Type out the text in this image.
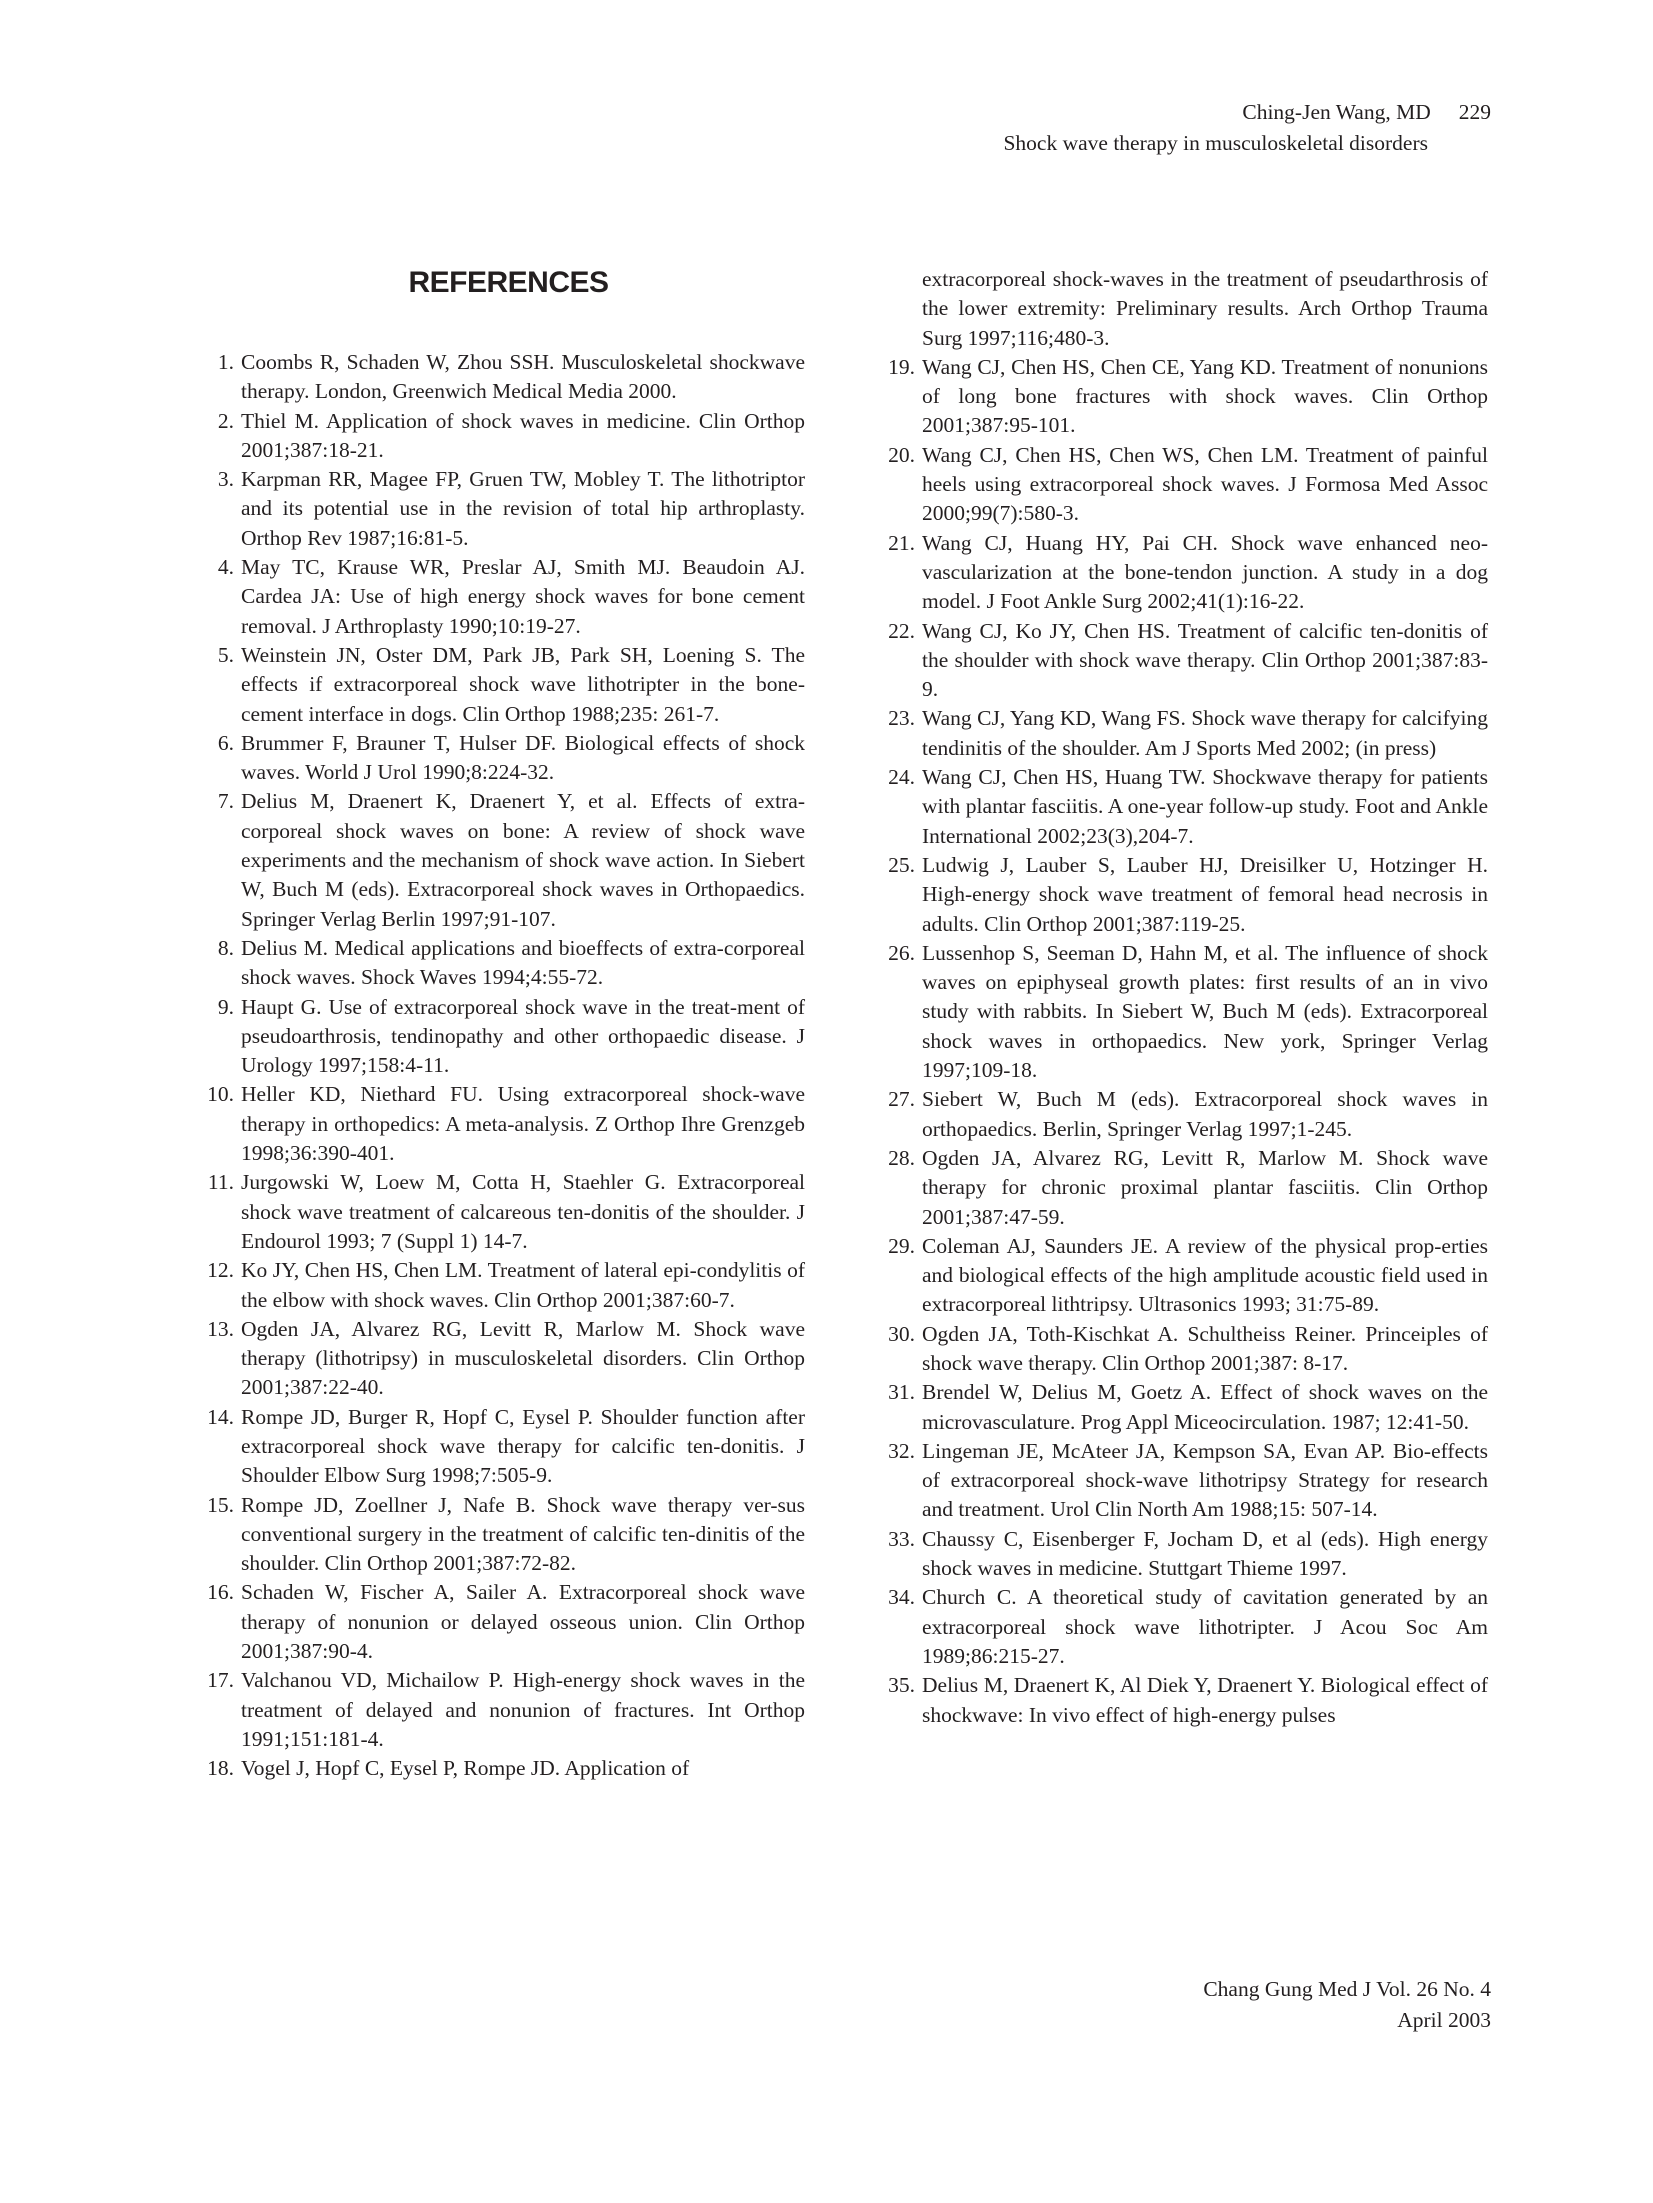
Ching-Jen Wang, MD 229
Shock wave therapy in musculoskeletal disorders
REFERENCES
1. Coombs R, Schaden W, Zhou SSH. Musculoskeletal shockwave therapy. London, Greenwich Medical Media 2000.
2. Thiel M. Application of shock waves in medicine. Clin Orthop 2001;387:18-21.
3. Karpman RR, Magee FP, Gruen TW, Mobley T. The lithotriptor and its potential use in the revision of total hip arthroplasty. Orthop Rev 1987;16:81-5.
4. May TC, Krause WR, Preslar AJ, Smith MJ. Beaudoin AJ. Cardea JA: Use of high energy shock waves for bone cement removal. J Arthroplasty 1990;10:19-27.
5. Weinstein JN, Oster DM, Park JB, Park SH, Loening S. The effects if extracorporeal shock wave lithotripter in the bone-cement interface in dogs. Clin Orthop 1988;235: 261-7.
6. Brummer F, Brauner T, Hulser DF. Biological effects of shock waves. World J Urol 1990;8:224-32.
7. Delius M, Draenert K, Draenert Y, et al. Effects of extra-corporeal shock waves on bone: A review of shock wave experiments and the mechanism of shock wave action. In Siebert W, Buch M (eds). Extracorporeal shock waves in Orthopaedics. Springer Verlag Berlin 1997;91-107.
8. Delius M. Medical applications and bioeffects of extra-corporeal shock waves. Shock Waves 1994;4:55-72.
9. Haupt G. Use of extracorporeal shock wave in the treat-ment of pseudoarthrosis, tendinopathy and other orthopaedic disease. J Urology 1997;158:4-11.
10. Heller KD, Niethard FU. Using extracorporeal shock-wave therapy in orthopedics: A meta-analysis. Z Orthop Ihre Grenzgeb 1998;36:390-401.
11. Jurgowski W, Loew M, Cotta H, Staehler G. Extracorporeal shock wave treatment of calcareous ten-donitis of the shoulder. J Endourol 1993; 7 (Suppl 1) 14-7.
12. Ko JY, Chen HS, Chen LM. Treatment of lateral epi-condylitis of the elbow with shock waves. Clin Orthop 2001;387:60-7.
13. Ogden JA, Alvarez RG, Levitt R, Marlow M. Shock wave therapy (lithotripsy) in musculoskeletal disorders. Clin Orthop 2001;387:22-40.
14. Rompe JD, Burger R, Hopf C, Eysel P. Shoulder function after extracorporeal shock wave therapy for calcific ten-donitis. J Shoulder Elbow Surg 1998;7:505-9.
15. Rompe JD, Zoellner J, Nafe B. Shock wave therapy ver-sus conventional surgery in the treatment of calcific ten-dinitis of the shoulder. Clin Orthop 2001;387:72-82.
16. Schaden W, Fischer A, Sailer A. Extracorporeal shock wave therapy of nonunion or delayed osseous union. Clin Orthop 2001;387:90-4.
17. Valchanou VD, Michailow P. High-energy shock waves in the treatment of delayed and nonunion of fractures. Int Orthop 1991;151:181-4.
18. Vogel J, Hopf C, Eysel P, Rompe JD. Application of
extracorporeal shock-waves in the treatment of pseudarthrosis of the lower extremity: Preliminary results. Arch Orthop Trauma Surg 1997;116;480-3.
19. Wang CJ, Chen HS, Chen CE, Yang KD. Treatment of nonunions of long bone fractures with shock waves. Clin Orthop 2001;387:95-101.
20. Wang CJ, Chen HS, Chen WS, Chen LM. Treatment of painful heels using extracorporeal shock waves. J Formosa Med Assoc 2000;99(7):580-3.
21. Wang CJ, Huang HY, Pai CH. Shock wave enhanced neo-vascularization at the bone-tendon junction. A study in a dog model. J Foot Ankle Surg 2002;41(1):16-22.
22. Wang CJ, Ko JY, Chen HS. Treatment of calcific ten-donitis of the shoulder with shock wave therapy. Clin Orthop 2001;387:83-9.
23. Wang CJ, Yang KD, Wang FS. Shock wave therapy for calcifying tendinitis of the shoulder. Am J Sports Med 2002; (in press)
24. Wang CJ, Chen HS, Huang TW. Shockwave therapy for patients with plantar fasciitis. A one-year follow-up study. Foot and Ankle International 2002;23(3),204-7.
25. Ludwig J, Lauber S, Lauber HJ, Dreisilker U, Hotzinger H. High-energy shock wave treatment of femoral head necrosis in adults. Clin Orthop 2001;387:119-25.
26. Lussenhop S, Seeman D, Hahn M, et al. The influence of shock waves on epiphyseal growth plates: first results of an in vivo study with rabbits. In Siebert W, Buch M (eds). Extracorporeal shock waves in orthopaedics. New york, Springer Verlag 1997;109-18.
27. Siebert W, Buch M (eds). Extracorporeal shock waves in orthopaedics. Berlin, Springer Verlag 1997;1-245.
28. Ogden JA, Alvarez RG, Levitt R, Marlow M. Shock wave therapy for chronic proximal plantar fasciitis. Clin Orthop 2001;387:47-59.
29. Coleman AJ, Saunders JE. A review of the physical prop-erties and biological effects of the high amplitude acoustic field used in extracorporeal lithtripsy. Ultrasonics 1993; 31:75-89.
30. Ogden JA, Toth-Kischkat A. Schultheiss Reiner. Princeiples of shock wave therapy. Clin Orthop 2001;387: 8-17.
31. Brendel W, Delius M, Goetz A. Effect of shock waves on the microvasculature. Prog Appl Miceocirculation. 1987; 12:41-50.
32. Lingeman JE, McAteer JA, Kempson SA, Evan AP. Bio-effects of extracorporeal shock-wave lithotripsy Strategy for research and treatment. Urol Clin North Am 1988;15: 507-14.
33. Chaussy C, Eisenberger F, Jocham D, et al (eds). High energy shock waves in medicine. Stuttgart Thieme 1997.
34. Church C. A theoretical study of cavitation generated by an extracorporeal shock wave lithotripter. J Acou Soc Am 1989;86:215-27.
35. Delius M, Draenert K, Al Diek Y, Draenert Y. Biological effect of shockwave: In vivo effect of high-energy pulses
Chang Gung Med J Vol. 26 No. 4
April 2003
